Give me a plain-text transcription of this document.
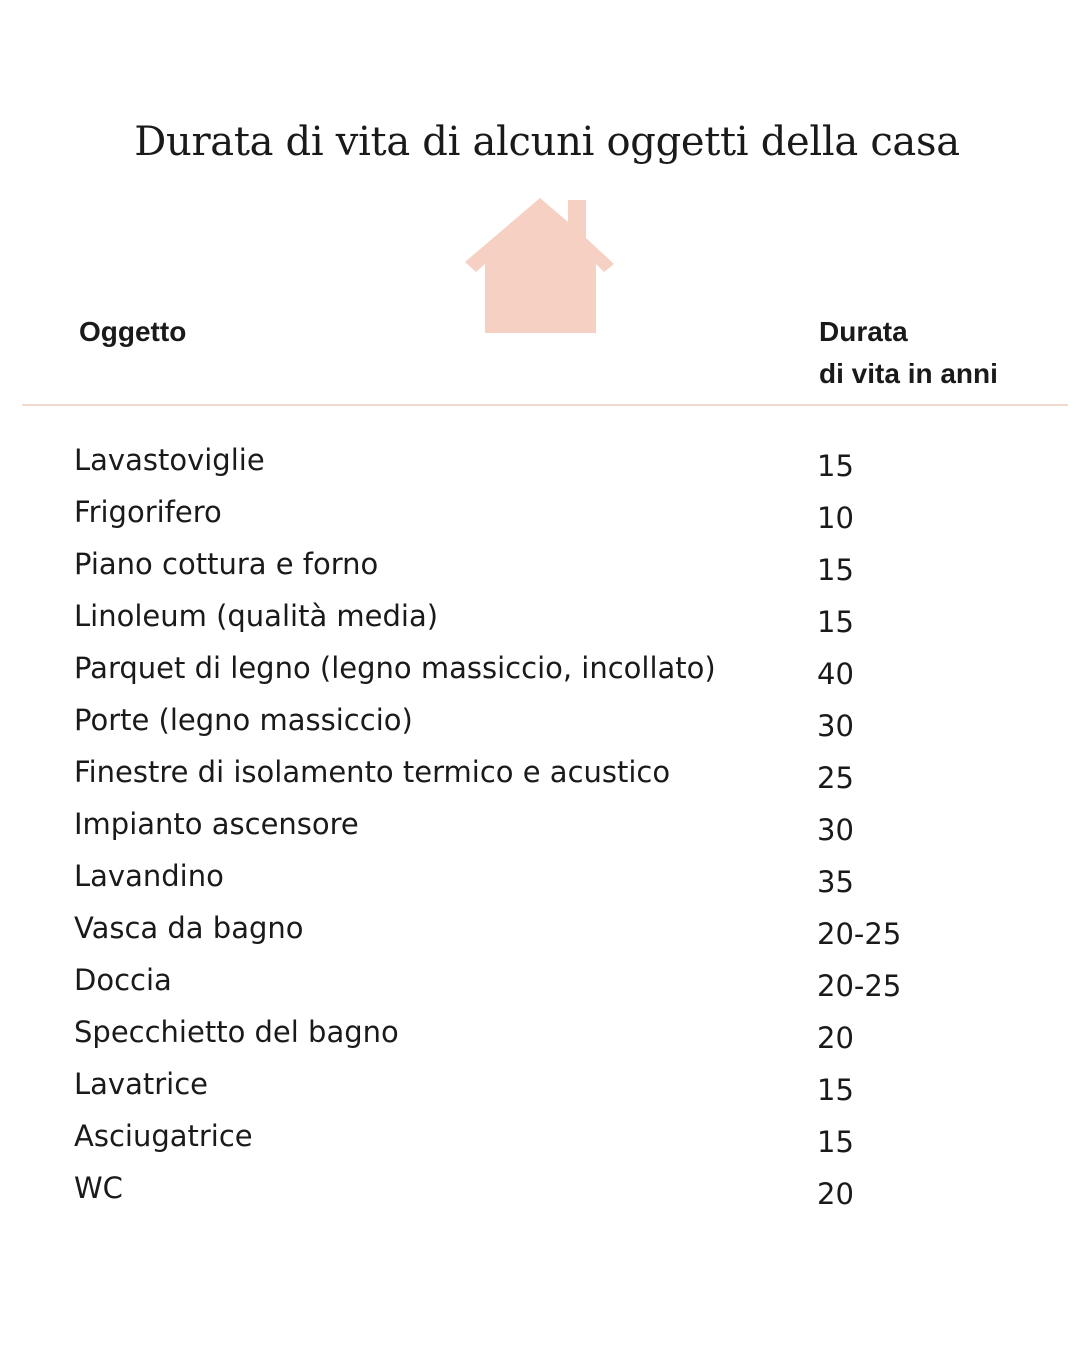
Durata di vita di alcuni oggetti della casa
Oggetto	Durata
di vita in anni
Lavastoviglie	15
Frigorifero	10
Piano cottura e forno	15
Linoleum (qualità media)	15
Parquet di legno (legno massiccio, incollato)	40
Porte (legno massiccio)	30
Finestre di isolamento termico e acustico	25
Impianto ascensore	30
Lavandino	35
Vasca da bagno	20-25
Doccia	20-25
Specchietto del bagno	20
Lavatrice	15
Asciugatrice	15
WC	20
